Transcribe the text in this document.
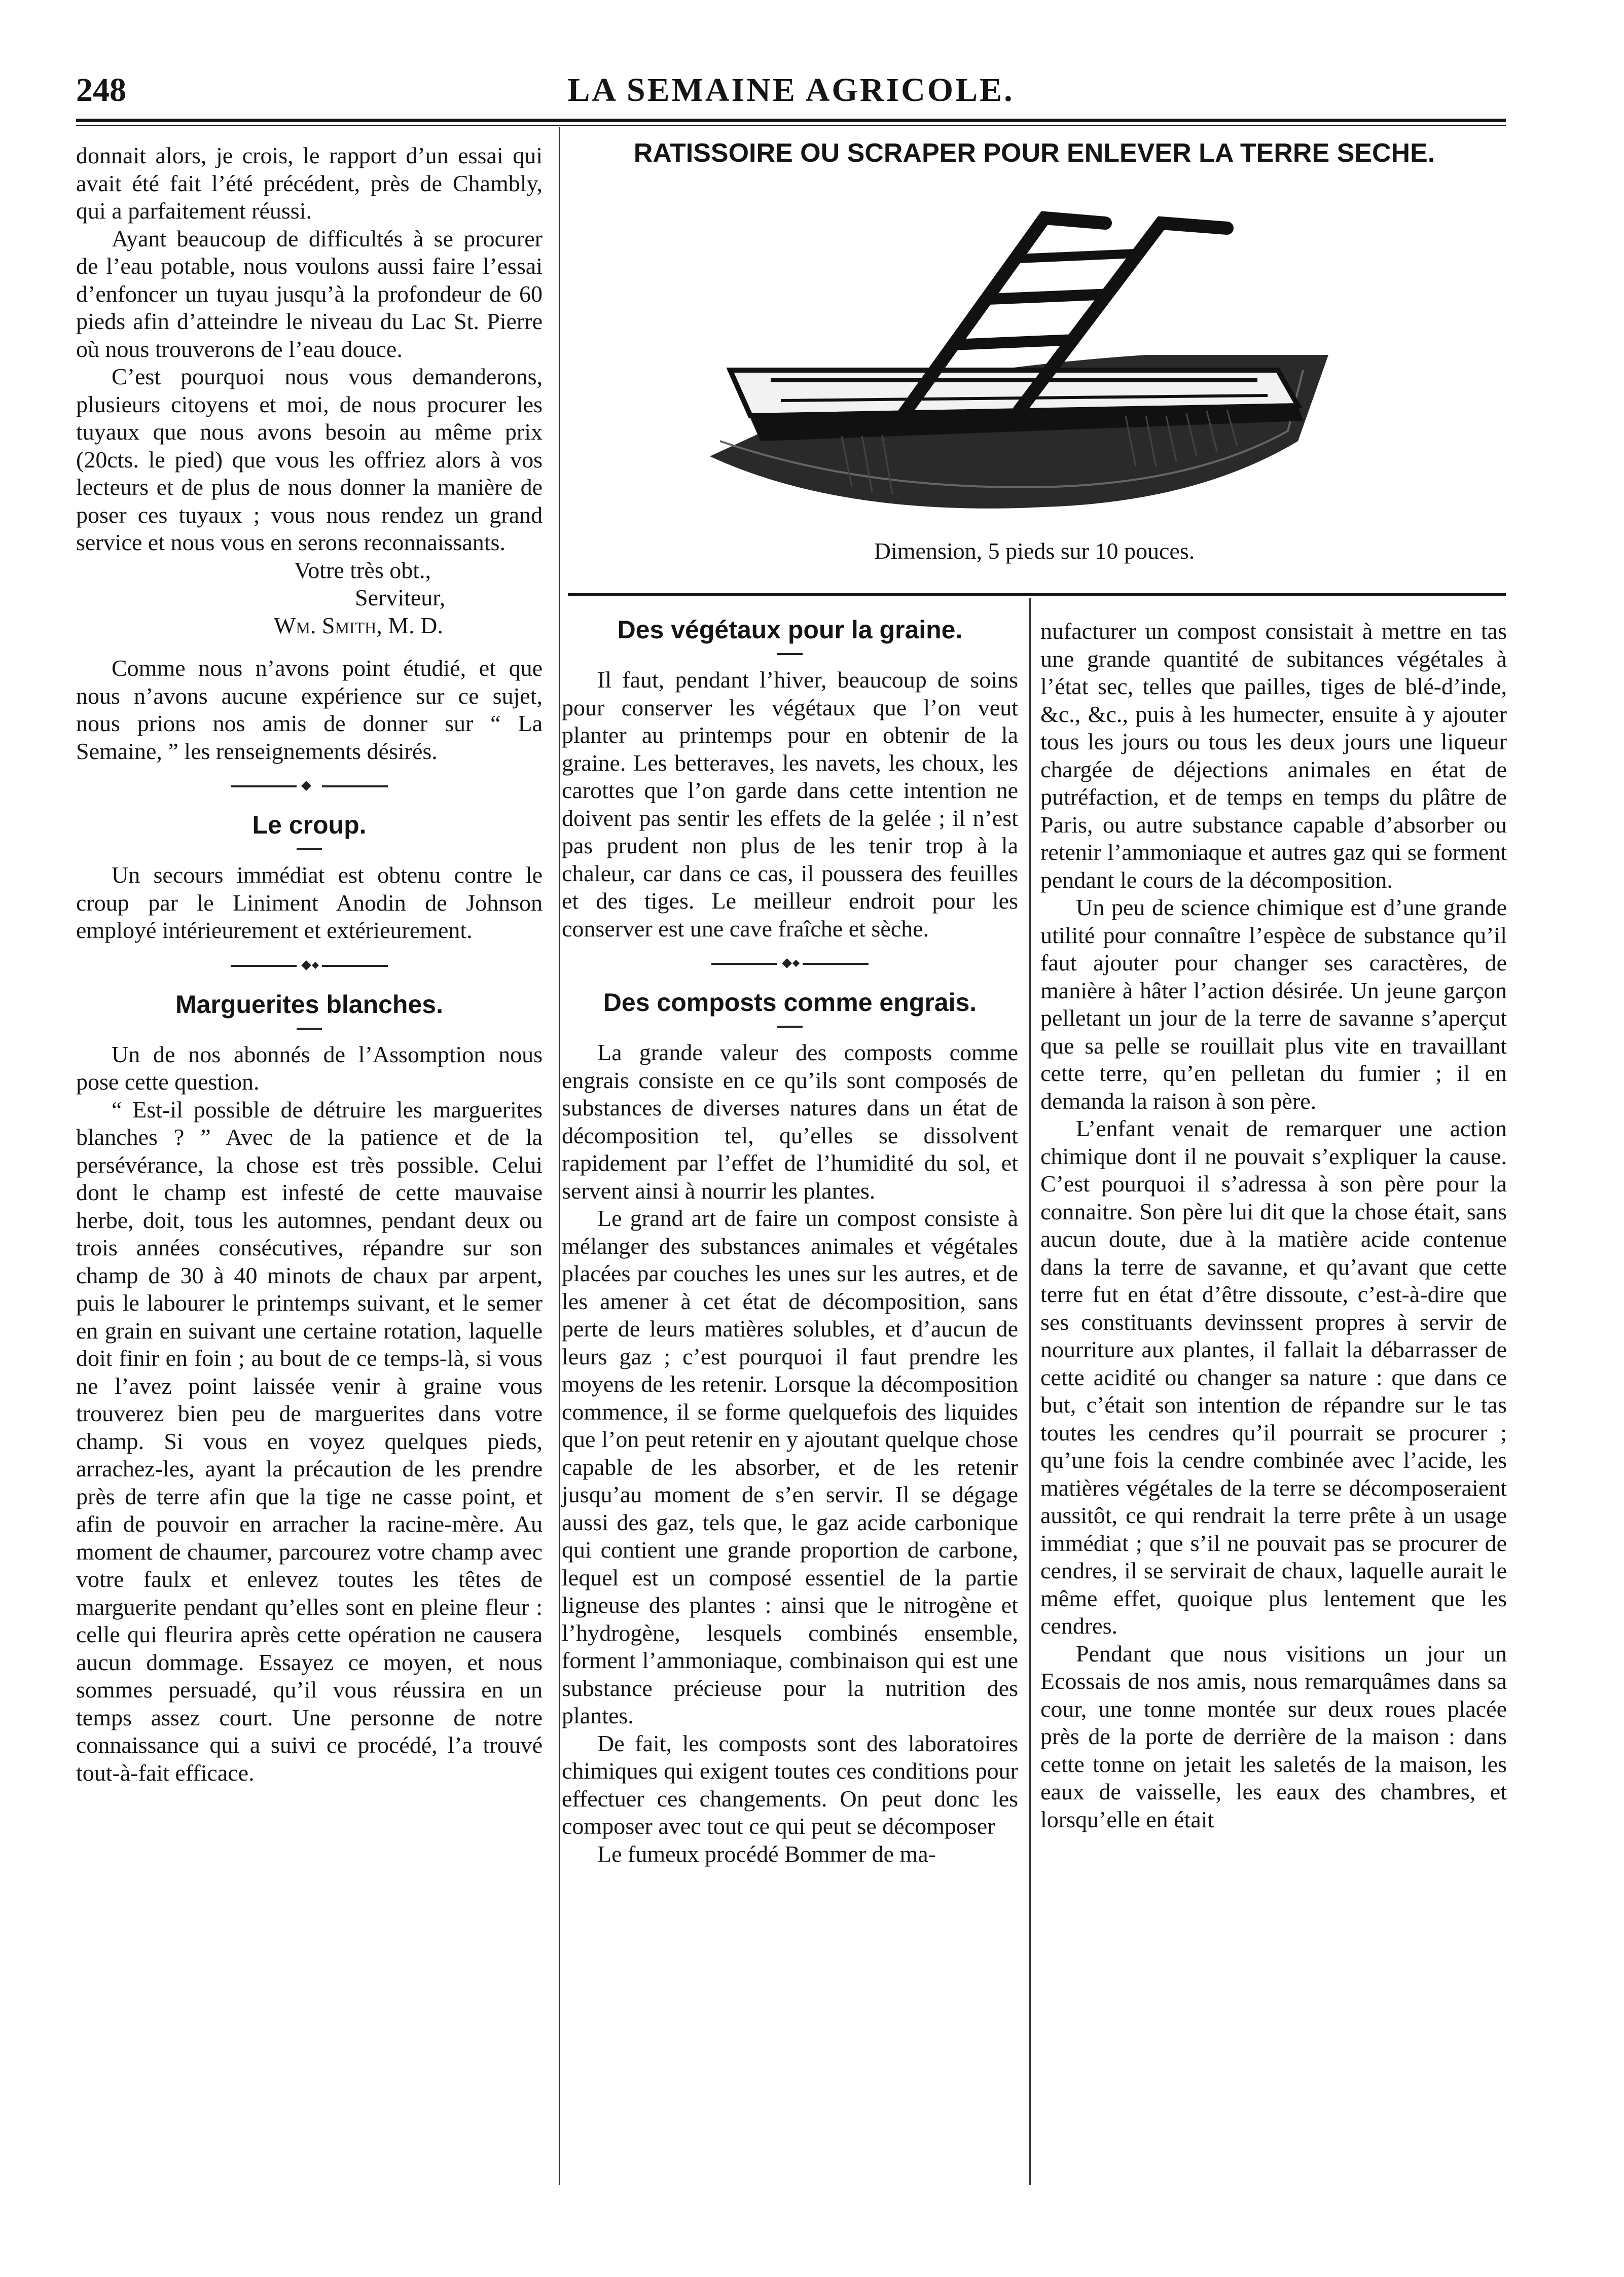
LA SEMAINE AGRICOLE.
248
RATISSOIRE OU SCRAPER POUR ENLEVER LA TERRE SECHE.
Dimension, 5 pieds sur 10 pouces.

donnait alors, je crois, le rapport d’un essai qui avait été fait l’été précédent, près de Chambly, qui a parfaitement réussi.

Ayant beaucoup de difficultés à se procurer de l’eau potable, nous voulons aussi faire l’essai d’enfoncer un tuyau jusqu’à la profondeur de 60 pieds afin d’atteindre le niveau du Lac St. Pierre où nous trouverons de l’eau douce.

C’est pourquoi nous vous demanderons, plusieurs citoyens et moi, de nous procurer les tuyaux que nous avons besoin au même prix (20cts. le pied) que vous les offriez alors à vos lecteurs et de plus de nous donner la manière de poser ces tuyaux ; vous nous rendez un grand service et nous vous en serons reconnaissants.

Votre très obt.,

Serviteur,

Wm. Smith, M. D.

Comme nous n’avons point étudié, et que nous n’avons aucune expérience sur ce sujet, nous prions nos amis de donner sur “ La Semaine, ” les renseignements désirés.

Le croup.

Un secours immédiat est obtenu contre le croup par le Liniment Anodin de Johnson employé intérieurement et extérieurement.

Marguerites blanches.

Un de nos abonnés de l’Assomption nous pose cette question.

“ Est-il possible de détruire les marguerites blanches ? ” Avec de la patience et de la persévérance, la chose est très possible. Celui dont le champ est infesté de cette mauvaise herbe, doit, tous les automnes, pendant deux ou trois années consécutives, répandre sur son champ de 30 à 40 minots de chaux par arpent, puis le labourer le printemps suivant, et le semer en grain en suivant une certaine rotation, laquelle doit finir en foin ; au bout de ce temps-là, si vous ne l’avez point laissée venir à graine vous trouverez bien peu de marguerites dans votre champ. Si vous en voyez quelques pieds, arrachez-les, ayant la précaution de les prendre près de terre afin que la tige ne casse point, et afin de pouvoir en arracher la racine-mère. Au moment de chaumer, parcourez votre champ avec votre faulx et enlevez toutes les têtes de marguerite pendant qu’elles sont en pleine fleur : celle qui fleurira après cette opération ne causera aucun dommage. Essayez ce moyen, et nous sommes persuadé, qu’il vous réussira en un temps assez court. Une personne de notre connaissance qui a suivi ce procédé, l’a trouvé tout-à-fait efficace.

Des végétaux pour la graine.

Il faut, pendant l’hiver, beaucoup de soins pour conserver les végétaux que l’on veut planter au printemps pour en obtenir de la graine. Les betteraves, les navets, les choux, les carottes que l’on garde dans cette intention ne doivent pas sentir les effets de la gelée ; il n’est pas prudent non plus de les tenir trop à la chaleur, car dans ce cas, il poussera des feuilles et des tiges. Le meilleur endroit pour les conserver est une cave fraîche et sèche.

Des composts comme engrais.

La grande valeur des composts comme engrais consiste en ce qu’ils sont composés de substances de diverses natures dans un état de décomposition tel, qu’elles se dissolvent rapidement par l’effet de l’humidité du sol, et servent ainsi à nourrir les plantes.

Le grand art de faire un compost consiste à mélanger des substances animales et végétales placées par couches les unes sur les autres, et de les amener à cet état de décomposition, sans perte de leurs matières solubles, et d’aucun de leurs gaz ; c’est pourquoi il faut prendre les moyens de les retenir. Lorsque la décomposition commence, il se forme quelquefois des liquides que l’on peut retenir en y ajoutant quelque chose capable de les absorber, et de les retenir jusqu’au moment de s’en servir. Il se dégage aussi des gaz, tels que, le gaz acide carbonique qui contient une grande proportion de carbone, lequel est un composé essentiel de la partie ligneuse des plantes : ainsi que le nitrogène et l’hydrogène, lesquels combinés ensemble, forment l’ammoniaque, combinaison qui est une substance précieuse pour la nutrition des plantes.

De fait, les composts sont des laboratoires chimiques qui exigent toutes ces conditions pour effectuer ces changements. On peut donc les composer avec tout ce qui peut se décomposer

Le fumeux procédé Bommer de ma-

nufacturer un compost consistait à mettre en tas une grande quantité de subitances végétales à l’état sec, telles que pailles, tiges de blé-d’inde, &c., &c., puis à les humecter, ensuite à y ajouter tous les jours ou tous les deux jours une liqueur chargée de déjections animales en état de putréfaction, et de temps en temps du plâtre de Paris, ou autre substance capable d’absorber ou retenir l’ammoniaque et autres gaz qui se forment pendant le cours de la décomposition.

Un peu de science chimique est d’une grande utilité pour connaître l’espèce de substance qu’il faut ajouter pour changer ses caractères, de manière à hâter l’action désirée. Un jeune garçon pelletant un jour de la terre de savanne s’aperçut que sa pelle se rouillait plus vite en travaillant cette terre, qu’en pelletan du fumier ; il en demanda la raison à son père.

L’enfant venait de remarquer une action chimique dont il ne pouvait s’expliquer la cause. C’est pourquoi il s’adressa à son père pour la connaitre. Son père lui dit que la chose était, sans aucun doute, due à la matière acide contenue dans la terre de savanne, et qu’avant que cette terre fut en état d’être dissoute, c’est-à-dire que ses constituants devinssent propres à servir de nourriture aux plantes, il fallait la débarrasser de cette acidité ou changer sa nature : que dans ce but, c’était son intention de répandre sur le tas toutes les cendres qu’il pourrait se procurer ; qu’une fois la cendre combinée avec l’acide, les matières végétales de la terre se décomposeraient aussitôt, ce qui rendrait la terre prête à un usage immédiat ; que s’il ne pouvait pas se procurer de cendres, il se servirait de chaux, laquelle aurait le même effet, quoique plus lentement que les cendres.

Pendant que nous visitions un jour un Ecossais de nos amis, nous remarquâmes dans sa cour, une tonne montée sur deux roues placée près de la porte de derrière de la maison : dans cette tonne on jetait les saletés de la maison, les eaux de vaisselle, les eaux des chambres, et lorsqu’elle en était
